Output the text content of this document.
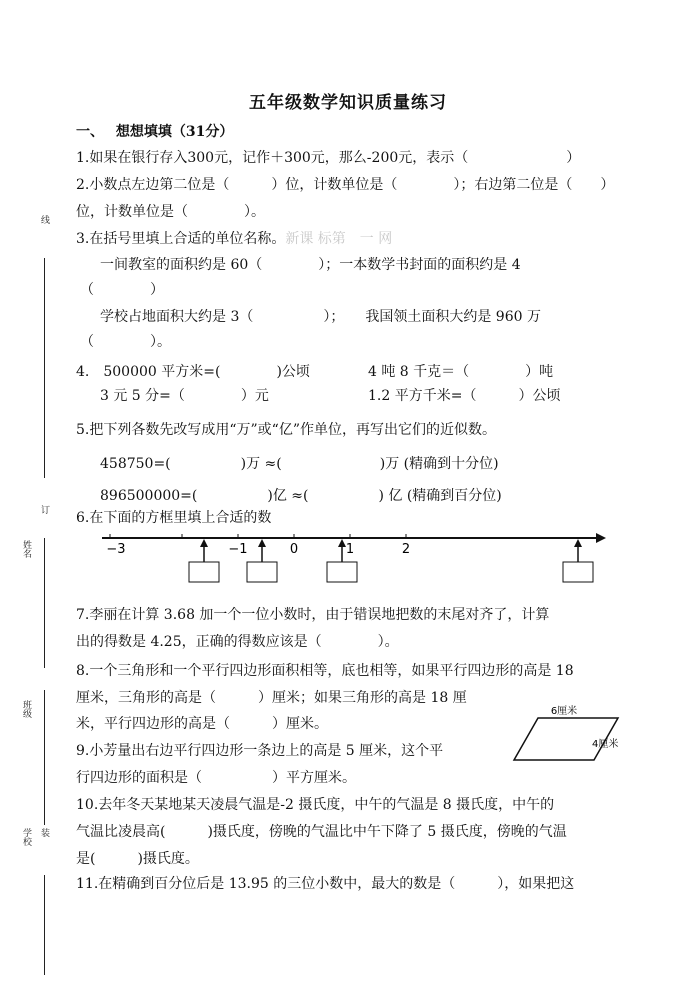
线
订
姓名
班级
装
学校
五年级数学知识质量练习
一、　 想想填填（31分）
1.如果在银行存入300元，记作＋300元，那么-200元，表示（　　　　　　　）
2.小数点左边第二位是（　　　）位，计数单位是（　　　　）；右边第二位是（　　）
位，计数单位是（　　　　）。
3.在括号里填上合适的单位名称。新课 标第　一 网
一间教室的面积约是 60（　　　　）；一本数学书封面的面积约是 4
（　　　　）
学校占地面积大约是 3（　　　　　）；　　我国领土面积大约是 960 万
（　　　　）。
4.　500000 平方米=(　　　　)公顷	4 吨 8 千克＝（　　　　）吨
3 元 5 分=（　　　　）元	1.2 平方千米=（　　　）公顷
5.把下列各数先改写成用“万”或“亿”作单位，再写出它们的近似数。
458750=(　　　　　)万 ≈(　　　　　　　)万 (精确到十分位)
896500000=(　　　　　)亿 ≈(　　　　　) 亿 (精确到百分位)
6.在下面的方框里填上合适的数
−3	−1	0	1	2
7.李丽在计算 3.68 加一个一位小数时，由于错误地把数的末尾对齐了，计算
出的得数是 4.25，正确的得数应该是（　　　　）。
8.一个三角形和一个平行四边形面积相等，底也相等，如果平行四边形的高是 18
厘米，三角形的高是（　　　）厘米；如果三角形的高是 18 厘
米，平行四边形的高是（　　　）厘米。
6厘米
4厘米
9.小芳量出右边平行四边形一条边上的高是 5 厘米，这个平
行四边形的面积是（　　　　　）平方厘米。
10.去年冬天某地某天凌晨气温是-2 摄氏度，中午的气温是 8 摄氏度，中午的
气温比凌晨高(　　　)摄氏度，傍晚的气温比中午下降了 5 摄氏度，傍晚的气温
是(　　　)摄氏度。
11.在精确到百分位后是 13.95 的三位小数中，最大的数是（　　　），如果把这
